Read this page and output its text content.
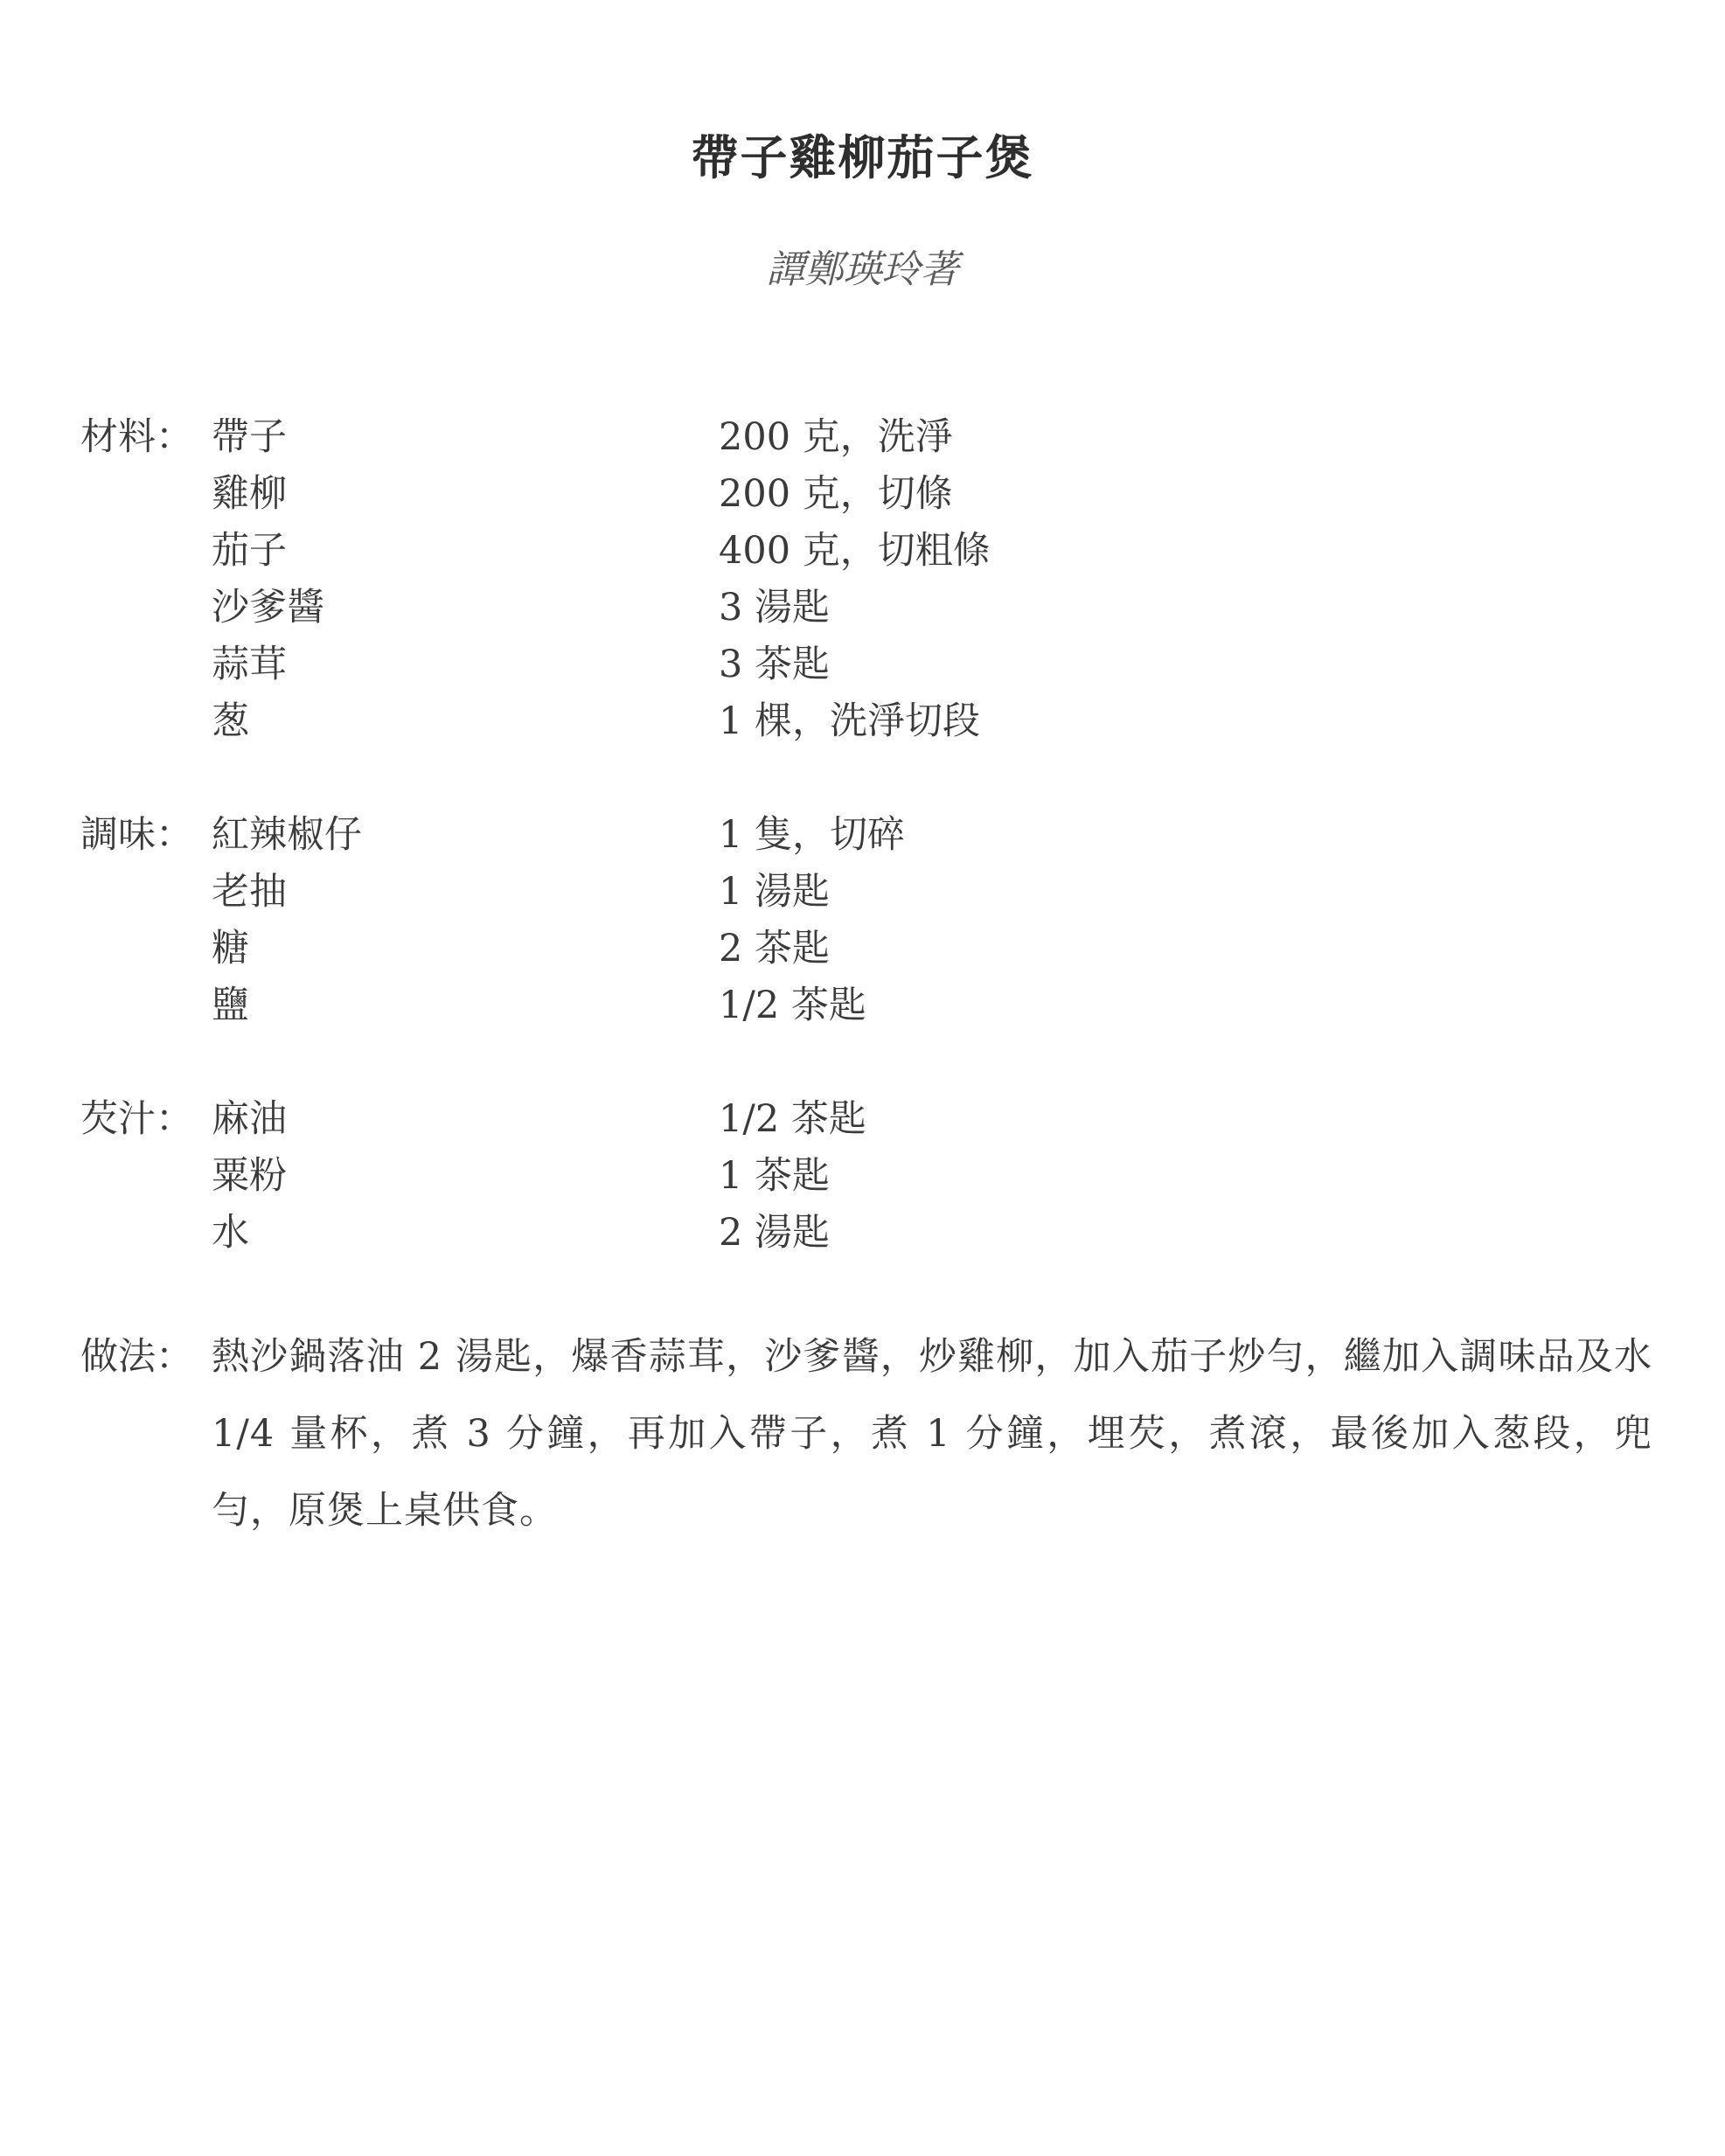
帶子雞柳茄子煲
譚鄭瑛玲著
材料： 帶子	200 克，洗淨
雞柳	200 克，切條
茄子	400 克，切粗條
沙爹醬	3 湯匙
蒜茸	3 茶匙
葱	1 棵，洗淨切段
調味： 紅辣椒仔	1 隻，切碎
老抽	1 湯匙
糖	2 茶匙
鹽	1/2 茶匙
芡汁： 麻油	1/2 茶匙
粟粉	1 茶匙
水	2 湯匙
做法： 熱沙鍋落油 2 湯匙，爆香蒜茸，沙爹醬，炒雞柳，加入茄子炒勻，繼加入調味品及水 1/4 量杯，煮 3 分鐘，再加入帶子，煮 1 分鐘，埋芡，煮滾，最後加入葱段，兜勻，原煲上桌供食。
